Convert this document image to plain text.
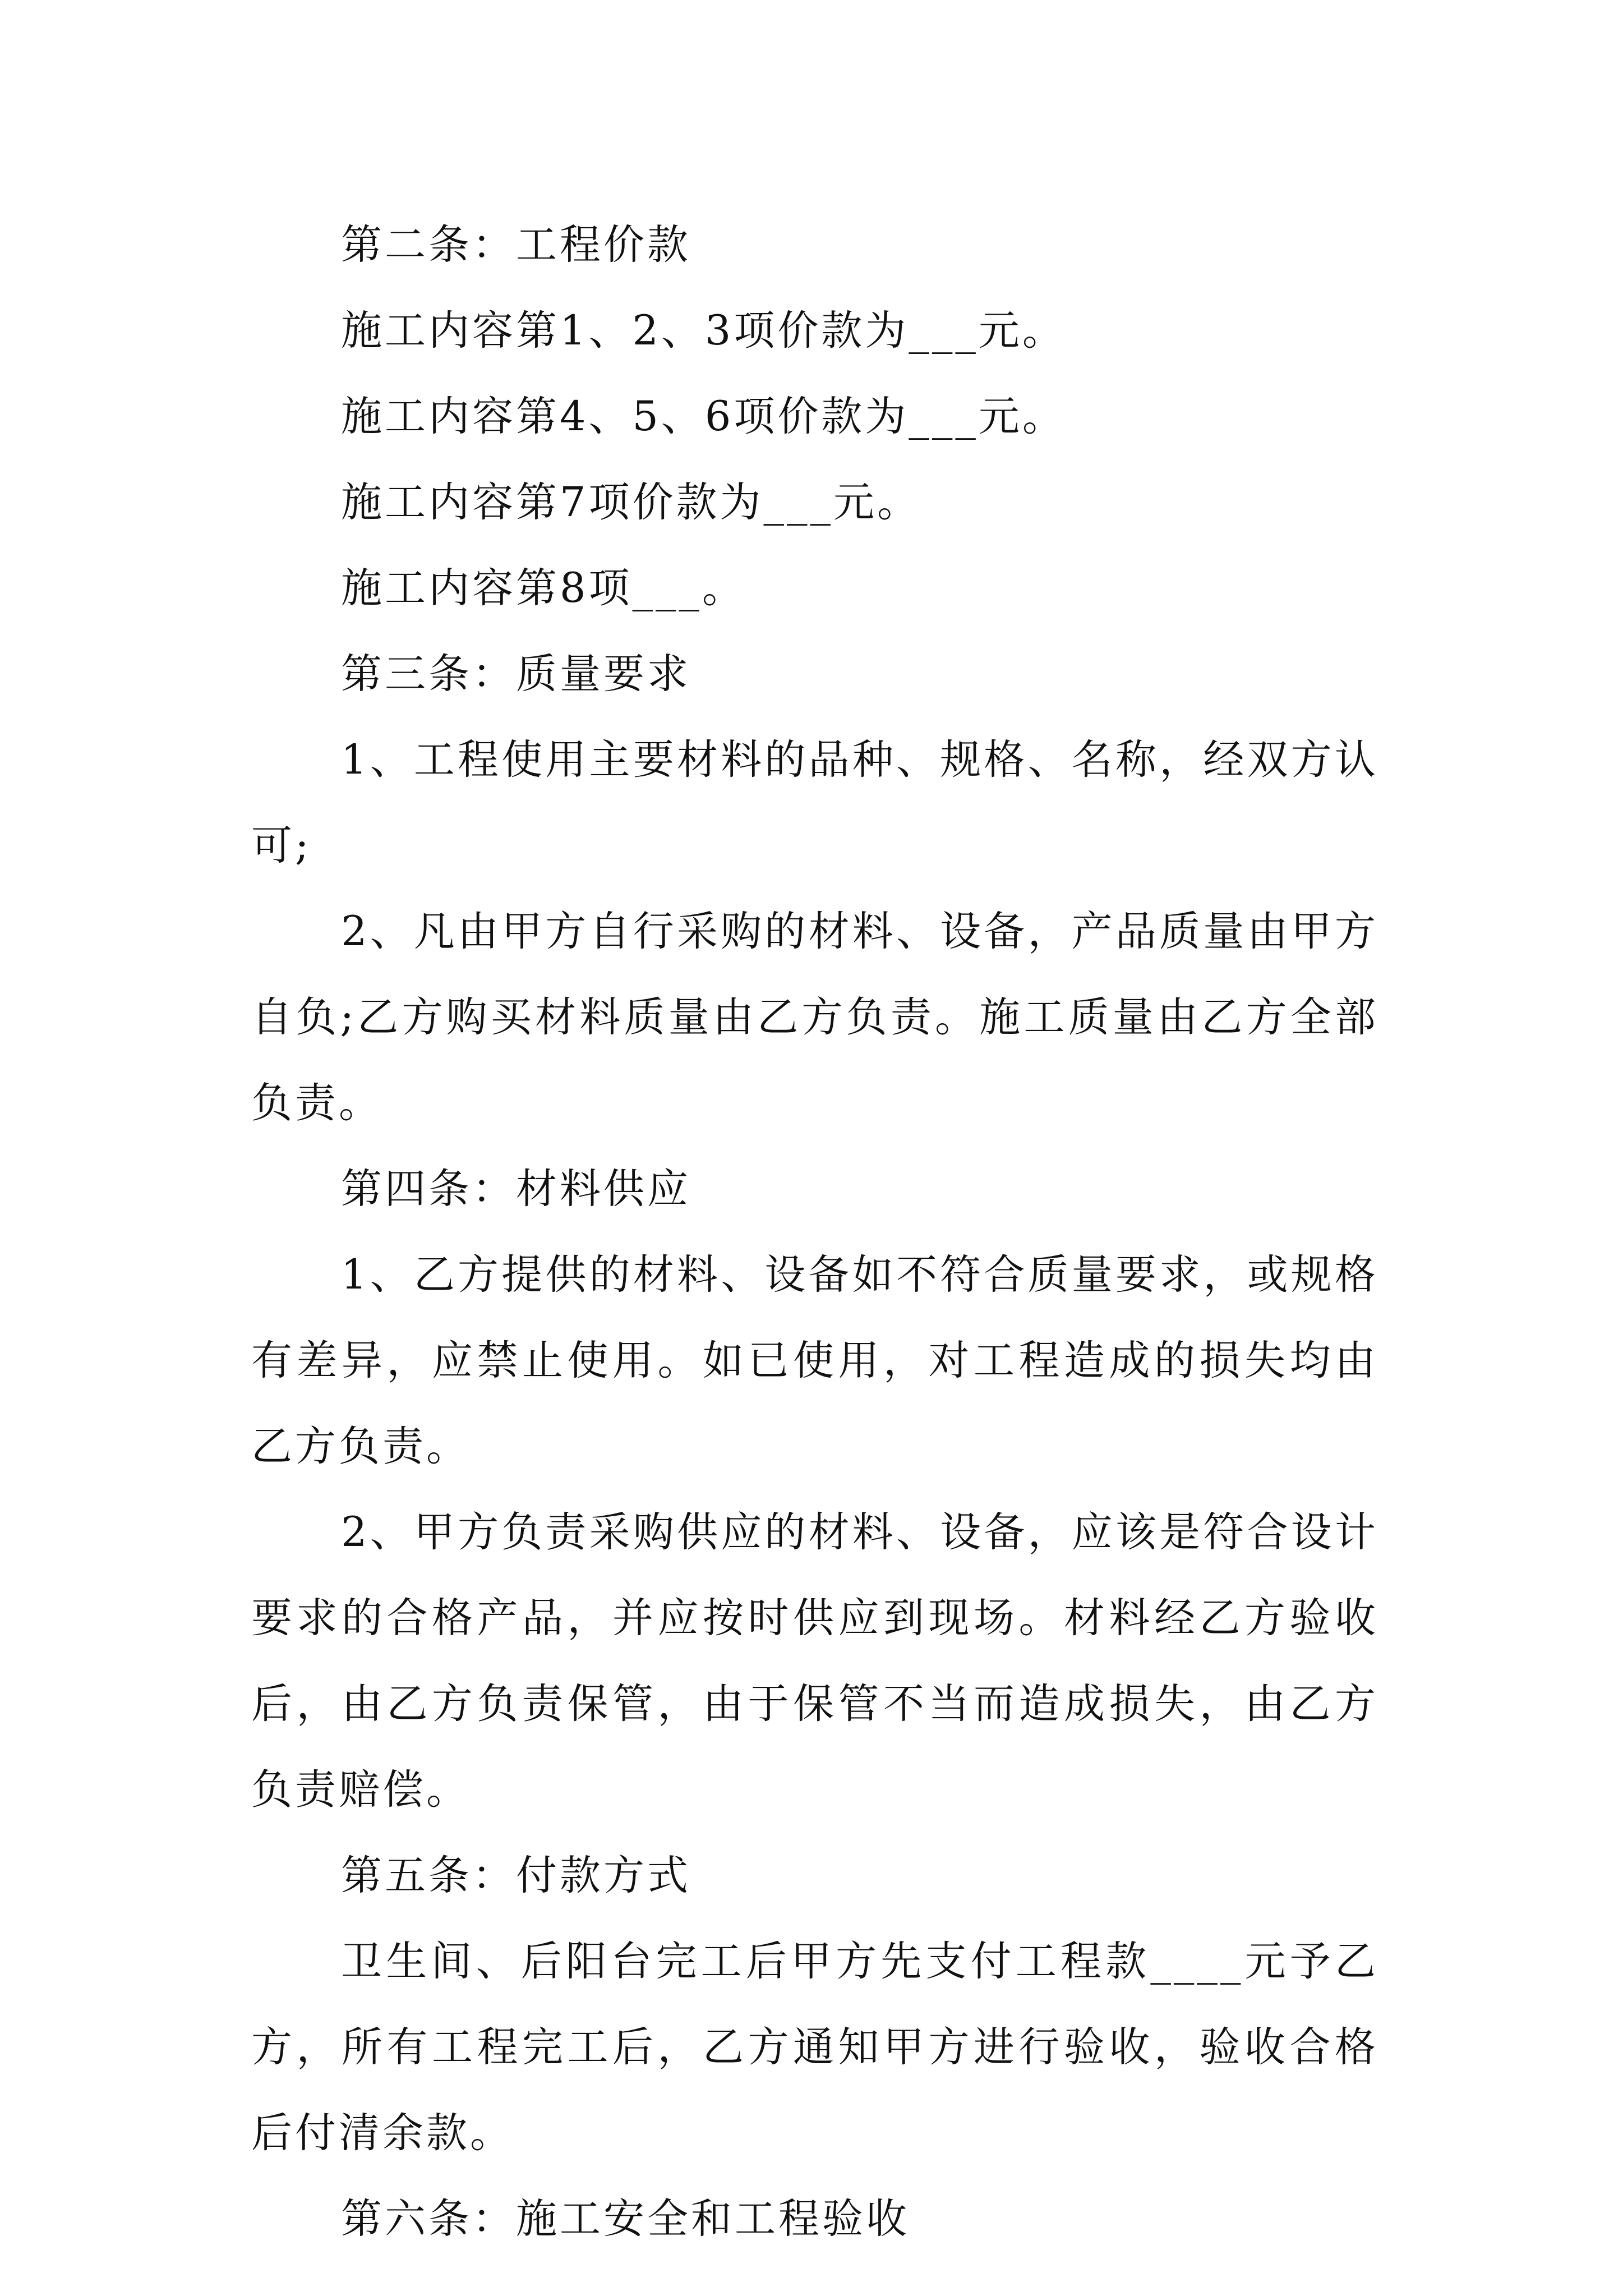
第二条：工程价款

施工内容第1、2、3项价款为___元。

施工内容第4、5、6项价款为___元。

施工内容第7项价款为___元。

施工内容第8项___。

第三条：质量要求

1、工程使用主要材料的品种、规格、名称，经双方认可;

2、凡由甲方自行采购的材料、设备，产品质量由甲方自负;乙方购买材料质量由乙方负责。施工质量由乙方全部负责。

第四条：材料供应

1、乙方提供的材料、设备如不符合质量要求，或规格有差异，应禁止使用。如已使用，对工程造成的损失均由乙方负责。

2、甲方负责采购供应的材料、设备，应该是符合设计要求的合格产品，并应按时供应到现场。材料经乙方验收后，由乙方负责保管，由于保管不当而造成损失，由乙方负责赔偿。

第五条：付款方式

卫生间、后阳台完工后甲方先支付工程款____元予乙方，所有工程完工后，乙方通知甲方进行验收，验收合格后付清余款。

第六条：施工安全和工程验收
